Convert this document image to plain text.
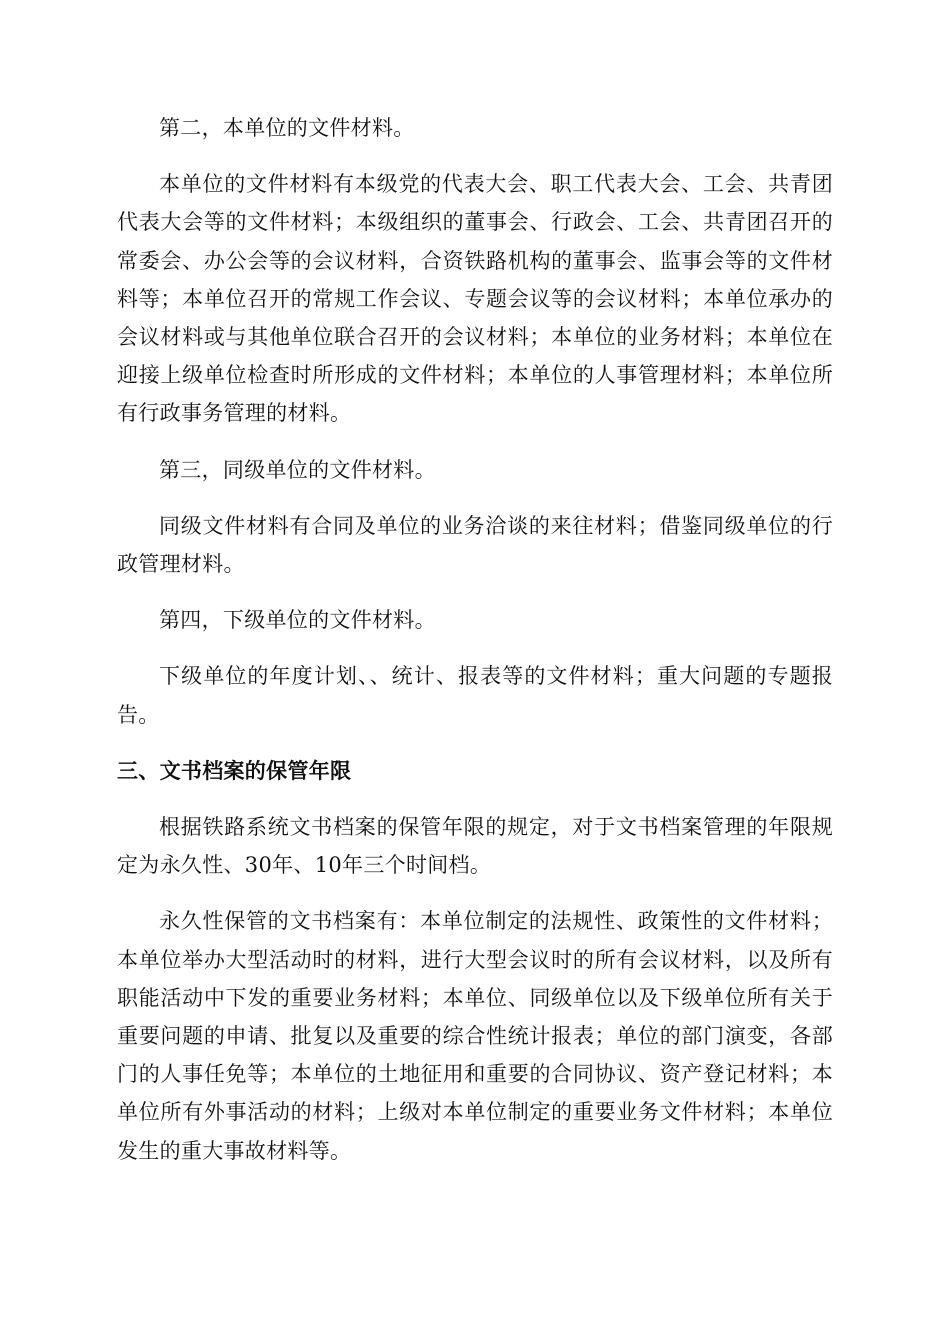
第二，本单位的文件材料。

本单位的文件材料有本级党的代表大会、职工代表大会、工会、共青团代表大会等的文件材料；本级组织的董事会、行政会、工会、共青团召开的常委会、办公会等的会议材料，合资铁路机构的董事会、监事会等的文件材料等；本单位召开的常规工作会议、专题会议等的会议材料；本单位承办的会议材料或与其他单位联合召开的会议材料；本单位的业务材料；本单位在迎接上级单位检查时所形成的文件材料；本单位的人事管理材料；本单位所有行政事务管理的材料。

第三，同级单位的文件材料。

同级文件材料有合同及单位的业务洽谈的来往材料；借鉴同级单位的行政管理材料。

第四，下级单位的文件材料。

下级单位的年度计划、、统计、报表等的文件材料；重大问题的专题报告。

三、文书档案的保管年限

根据铁路系统文书档案的保管年限的规定，对于文书档案管理的年限规定为永久性、30年、10年三个时间档。

永久性保管的文书档案有：本单位制定的法规性、政策性的文件材料；本单位举办大型活动时的材料，进行大型会议时的所有会议材料，以及所有职能活动中下发的重要业务材料；本单位、同级单位以及下级单位所有关于重要问题的申请、批复以及重要的综合性统计报表；单位的部门演变，各部门的人事任免等；本单位的土地征用和重要的合同协议、资产登记材料；本单位所有外事活动的材料；上级对本单位制定的重要业务文件材料；本单位发生的重大事故材料等。
